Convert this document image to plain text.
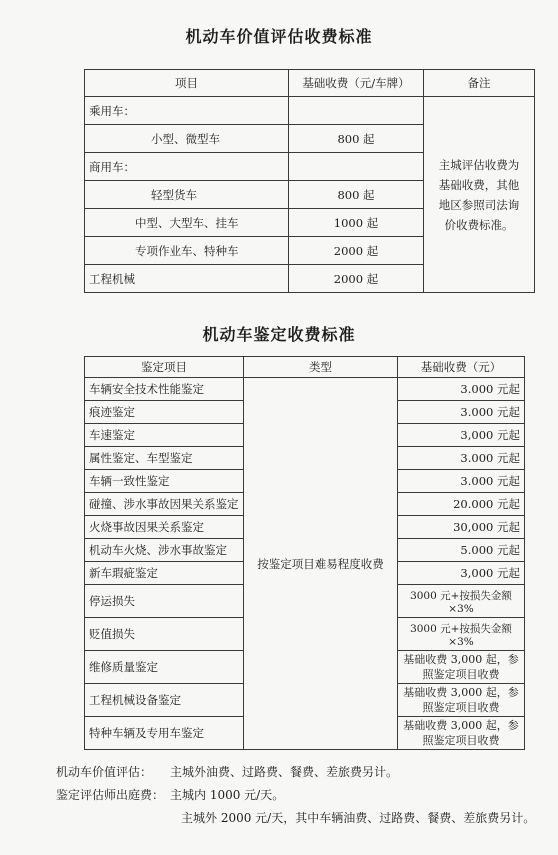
机动车价值评估收费标准
项目	基础收费（元/车牌）	备注
乘用车：		主城评估收费为基础收费，其他地区参照司法询价收费标准。
小型、微型车	800 起	
商用车：		
轻型货车	800 起	
中型、大型车、挂车	1000 起	
专项作业车、特种车	2000 起	
工程机械	2000 起	
机动车鉴定收费标准
鉴定项目	类型	基础收费（元）
车辆安全技术性能鉴定	按鉴定项目难易程度收费	3.000 元起
痕迹鉴定		3.000 元起
车速鉴定		3,000 元起
属性鉴定、车型鉴定		3.000 元起
车辆一致性鉴定		3.000 元起
碰撞、涉水事故因果关系鉴定		20.000 元起
火烧事故因果关系鉴定		30,000 元起
机动车火烧、涉水事故鉴定		5.000 元起
新车瑕疵鉴定		3,000 元起
停运损失		3000 元+按损失金额×3%
贬值损失		3000 元+按损失金额×3%
维修质量鉴定		基础收费 3,000 起，参照鉴定项目收费
工程机械设备鉴定		基础收费 3,000 起，参照鉴定项目收费
特种车辆及专用车鉴定		基础收费 3,000 起，参照鉴定项目收费
机动车价值评估： 主城外油费、过路费、餐费、差旅费另计。
鉴定评估师出庭费： 主城内 1000 元/天。
主城外 2000 元/天，其中车辆油费、过路费、餐费、差旅费另计。
